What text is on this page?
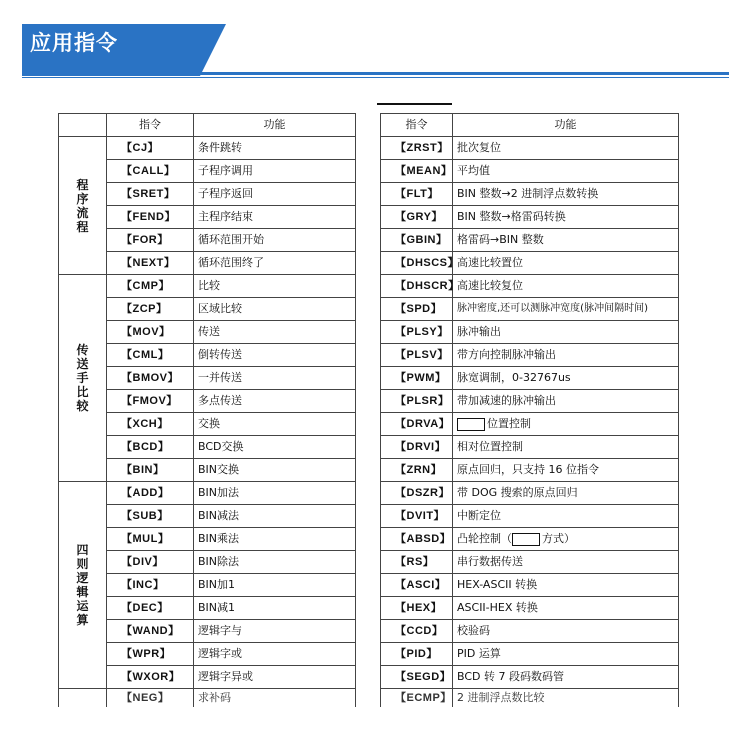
应用指令
	指令	功能
程序流程	【CJ】	条件跳转
	【CALL】	子程序调用
	【SRET】	子程序返回
	【FEND】	主程序结束
	【FOR】	循环范围开始
	【NEXT】	循环范围终了
传送手比较	【CMP】	比较
	【ZCP】	区域比较
	【MOV】	传送
	【CML】	倒转传送
	【BMOV】	一并传送
	【FMOV】	多点传送
	【XCH】	交换
	【BCD】	BCD交换
	【BIN】	BIN交换
四则逻辑运算	【ADD】	BIN加法
	【SUB】	BIN减法
	【MUL】	BIN乘法
	【DIV】	BIN除法
	【INC】	BIN加1
	【DEC】	BIN减1
	【WAND】	逻辑字与
	【WPR】	逻辑字或
	【WXOR】	逻辑字异或
	【NEG】	求补码
指令	功能
【ZRST】	批次复位
【MEAN】	平均值
【FLT】	BIN 整数→2 进制浮点数转换
【GRY】	BIN 整数→格雷码转换
【GBIN】	格雷码→BIN 整数
【DHSCS】	高速比较置位
【DHSCR】	高速比较复位
【SPD】	脉冲密度,还可以测脉冲宽度(脉冲间隔时间)
【PLSY】	脉冲输出
【PLSV】	带方向控制脉冲输出
【PWM】	脉宽调制，0-32767us
【PLSR】	带加减速的脉冲输出
【DRVA】	位置控制
【DRVI】	相对位置控制
【ZRN】	原点回归，只支持 16 位指令
【DSZR】	带 DOG 搜索的原点回归
【DVIT】	中断定位
【ABSD】	凸轮控制（ 方式）
【RS】	串行数据传送
【ASCI】	HEX-ASCII 转换
【HEX】	ASCII-HEX 转换
【CCD】	校验码
【PID】	PID 运算
【SEGD】	BCD 转 7 段码数码管
【ECMP】	2 进制浮点数比较
